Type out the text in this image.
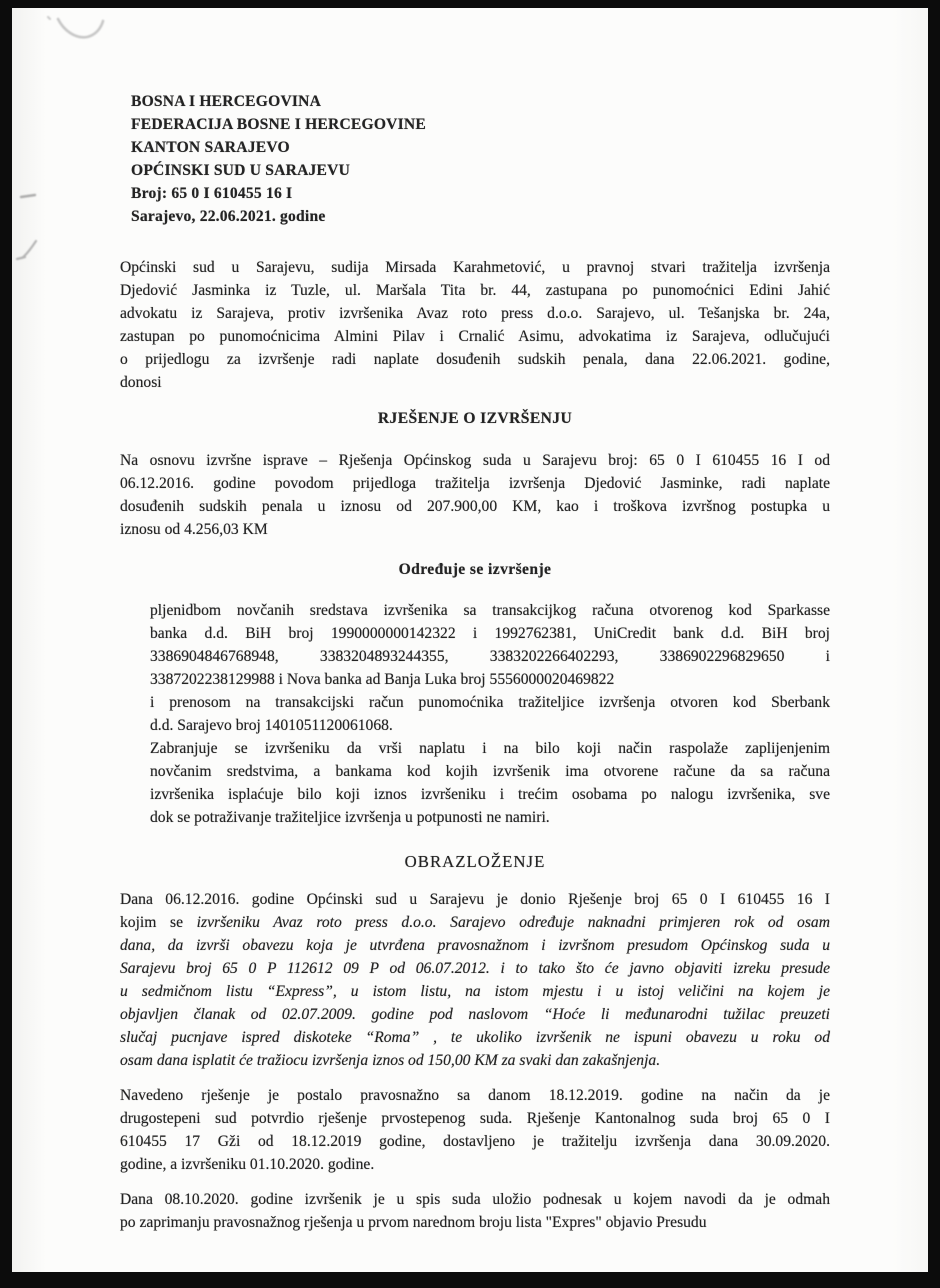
BOSNA I HERCEGOVINA
FEDERACIJA BOSNE I HERCEGOVINE
KANTON SARAJEVO
OPĆINSKI SUD U SARAJEVU
Broj: 65 0 I 610455 16 I
Sarajevo, 22.06.2021. godine
Općinski sud u Sarajevu, sudija Mirsada Karahmetović, u pravnoj stvari tražitelja izvršenja
Djedović Jasminka iz Tuzle, ul. Maršala Tita br. 44, zastupana po punomoćnici Edini Jahić
advokatu iz Sarajeva, protiv izvršenika Avaz roto press d.o.o. Sarajevo, ul. Tešanjska br. 24a,
zastupan po punomoćnicima Almini Pilav i Crnalić Asimu, advokatima iz Sarajeva, odlučujući
o prijedlogu za izvršenje radi naplate dosuđenih sudskih penala, dana 22.06.2021. godine,
donosi
RJEŠENJE O IZVRŠENJU
Na osnovu izvršne isprave – Rješenja Općinskog suda u Sarajevu broj: 65 0 I 610455 16 I od
06.12.2016. godine povodom prijedloga tražitelja izvršenja Djedović Jasminke, radi naplate
dosuđenih sudskih penala u iznosu od 207.900,00 KM, kao i troškova izvršnog postupka u
iznosu od 4.256,03 KM
Određuje se izvršenje
pljenidbom novčanih sredstava izvršenika sa transakcijkog računa otvorenog kod Sparkasse
banka d.d. BiH broj 1990000000142322 i 1992762381, UniCredit bank d.d. BiH broj
3386904846768948, 3383204893244355, 3383202266402293, 3386902296829650 i
3387202238129988 i Nova banka ad Banja Luka broj 5556000020469822
i prenosom na transakcijski račun punomoćnika tražiteljice izvršenja otvoren kod Sberbank
d.d. Sarajevo broj 1401051120061068.
Zabranjuje se izvršeniku da vrši naplatu i na bilo koji način raspolaže zaplijenjenim
novčanim sredstvima, a bankama kod kojih izvršenik ima otvorene račune da sa računa
izvršenika isplaćuje bilo koji iznos izvršeniku i trećim osobama po nalogu izvršenika, sve
dok se potraživanje tražiteljice izvršenja u potpunosti ne namiri.
OBRAZLOŽENJE
Dana 06.12.2016. godine Općinski sud u Sarajevu je donio Rješenje broj 65 0 I 610455 16 I
kojim se izvršeniku Avaz roto press d.o.o. Sarajevo određuje naknadni primjeren rok od osam
dana, da izvrši obavezu koja je utvrđena pravosnažnom i izvršnom presudom Općinskog suda u
Sarajevu broj 65 0 P 112612 09 P od 06.07.2012. i to tako što će javno objaviti izreku presude
u sedmičnom listu “Express”, u istom listu, na istom mjestu i u istoj veličini na kojem je
objavljen članak od 02.07.2009. godine pod naslovom “Hoće li međunarodni tužilac preuzeti
slučaj pucnjave ispred diskoteke “Roma” , te ukoliko izvršenik ne ispuni obavezu u roku od
osam dana isplatit će tražiocu izvršenja iznos od 150,00 KM za svaki dan zakašnjenja.
Navedeno rješenje je postalo pravosnažno sa danom 18.12.2019. godine na način da je
drugostepeni sud potvrdio rješenje prvostepenog suda. Rješenje Kantonalnog suda broj 65 0 I
610455 17 Gži od 18.12.2019 godine, dostavljeno je tražitelju izvršenja dana 30.09.2020.
godine, a izvršeniku 01.10.2020. godine.
Dana 08.10.2020. godine izvršenik je u spis suda uložio podnesak u kojem navodi da je odmah
po zaprimanju pravosnažnog rješenja u prvom narednom broju lista "Expres" objavio Presudu
